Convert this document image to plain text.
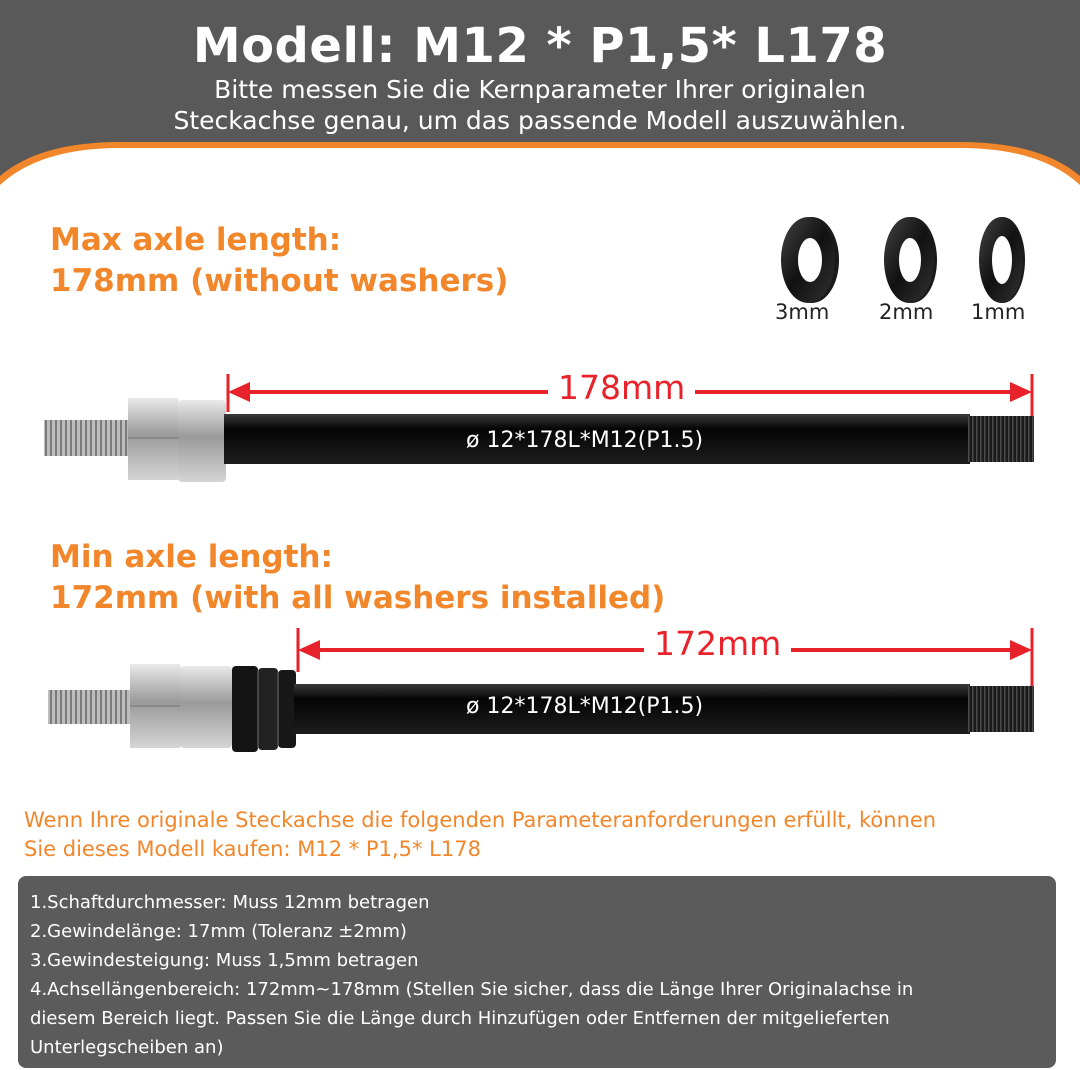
Modell: M12 * P1,5* L178
Bitte messen Sie die Kernparameter Ihrer originalen
Steckachse genau, um das passende Modell auszuwählen.
Max axle length:
178mm (without washers)
3mm 2mm 1mm
178mm
ø 12*178L*M12(P1.5)
Min axle length:
172mm (with all washers installed)
172mm
ø 12*178L*M12(P1.5)
Wenn Ihre originale Steckachse die folgenden Parameteranforderungen erfüllt, können
Sie dieses Modell kaufen: M12 * P1,5* L178
1.Schaftdurchmesser: Muss 12mm betragen
2.Gewindelänge: 17mm (Toleranz ±2mm)
3.Gewindesteigung: Muss 1,5mm betragen
4.Achsellängenbereich: 172mm~178mm (Stellen Sie sicher, dass die Länge Ihrer Originalachse in
diesem Bereich liegt. Passen Sie die Länge durch Hinzufügen oder Entfernen der mitgelieferten
Unterlegscheiben an)
